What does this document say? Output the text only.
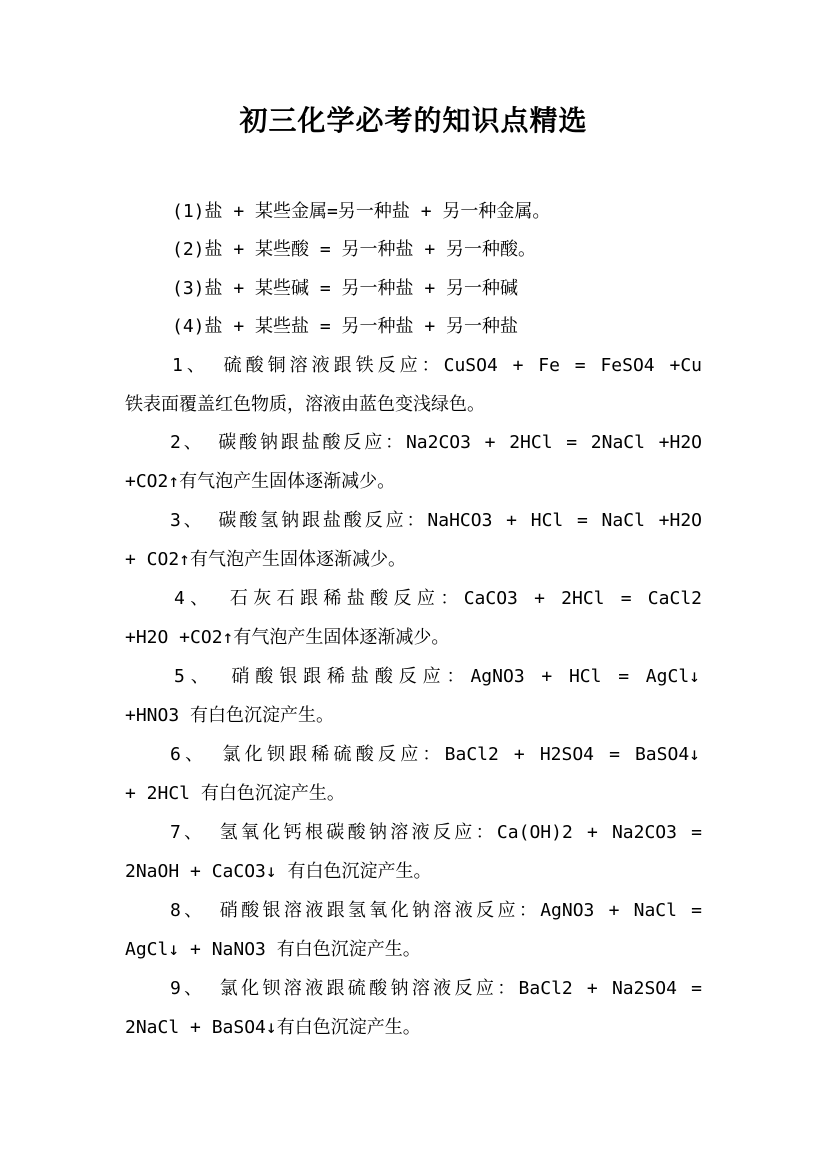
初三化学必考的知识点精选
(1)盐 + 某些金属=另一种盐 + 另一种金属。
(2)盐 + 某些酸 = 另一种盐 + 另一种酸。
(3)盐 + 某些碱 = 另一种盐 + 另一种碱
(4)盐 + 某些盐 = 另一种盐 + 另一种盐
1、 硫酸铜溶液跟铁反应：CuSO4 + Fe = FeSO4 +Cu
铁表面覆盖红色物质，溶液由蓝色变浅绿色。
2、 碳酸钠跟盐酸反应：Na2CO3 + 2HCl = 2NaCl +H2O
+CO2↑有气泡产生固体逐渐减少。
3、 碳酸氢钠跟盐酸反应：NaHCO3 + HCl = NaCl +H2O
+ CO2↑有气泡产生固体逐渐减少。
4、 石灰石跟稀盐酸反应：CaCO3 + 2HCl = CaCl2
+H2O +CO2↑有气泡产生固体逐渐减少。
5、 硝酸银跟稀盐酸反应：AgNO3 + HCl = AgCl↓
+HNO3 有白色沉淀产生。
6、 氯化钡跟稀硫酸反应：BaCl2 + H2SO4 = BaSO4↓
+ 2HCl 有白色沉淀产生。
7、 氢氧化钙根碳酸钠溶液反应：Ca(OH)2 + Na2CO3 =
2NaOH + CaCO3↓ 有白色沉淀产生。
8、 硝酸银溶液跟氢氧化钠溶液反应：AgNO3 + NaCl =
AgCl↓ + NaNO3 有白色沉淀产生。
9、 氯化钡溶液跟硫酸钠溶液反应：BaCl2 + Na2SO4 =
2NaCl + BaSO4↓有白色沉淀产生。
